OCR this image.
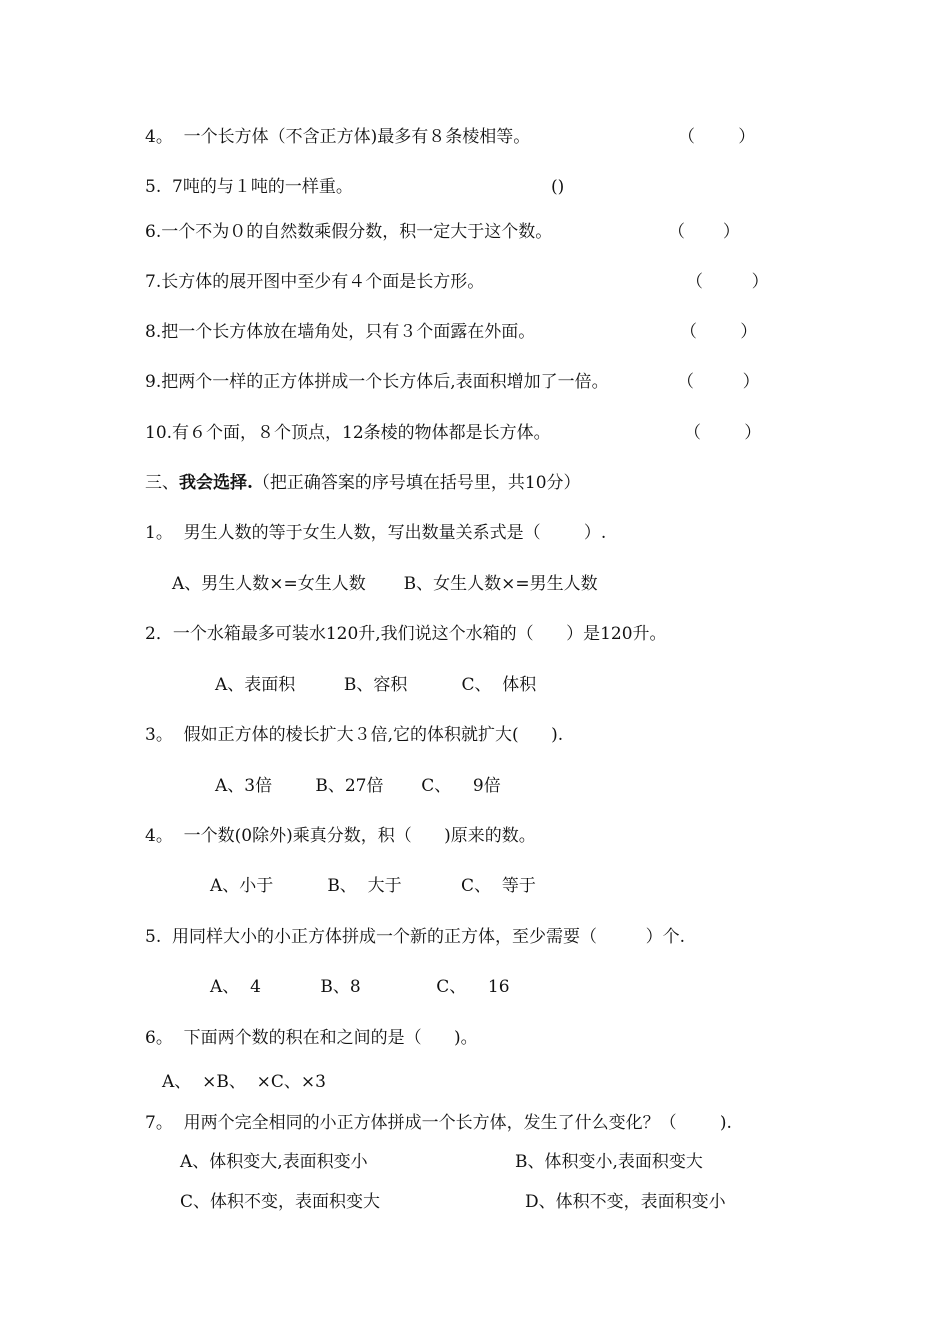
4。  一个长方体（不含正方体)最多有８条棱相等。	（        ）
5.  7吨的与１吨的一样重。	()
6.一个不为０的自然数乘假分数，积一定大于这个数。	（       ）
7.长方体的展开图中至少有４个面是长方形。	（         ）
8.把一个长方体放在墙角处，只有３个面露在外面。	（        ）
9.把两个一样的正方体拼成一个长方体后,表面积增加了一倍。	（         ）
10.有６个面，８个顶点，12条棱的物体都是长方体。	（        ）
三、我会选择.（把正确答案的序号填在括号里，共10分）
1。  男生人数的等于女生人数，写出数量关系式是（        ）.
A、男生人数×=女生人数       B、女生人数×=男生人数
2．一个水箱最多可装水120升,我们说这个水箱的（      ）是120升。
A、表面积         B、容积          C、  体积
3。  假如正方体的棱长扩大３倍,它的体积就扩大(      ).
A、3倍        B、27倍       C、    9倍
4。  一个数(0除外)乘真分数，积（      )原来的数。
A、小于          B、  大于           C、  等于
5.  用同样大小的小正方体拼成一个新的正方体，至少需要（         ）个.
A、  4           B、8              C、    16
6。  下面两个数的积在和之间的是（      )。
A、  ×B、  ×C、×3
7。  用两个完全相同的小正方体拼成一个长方体，发生了什么变化？（        ).
A、体积变大,表面积变小	B、体积变小,表面积变大
C、体积不变，表面积变大	D、体积不变，表面积变小
